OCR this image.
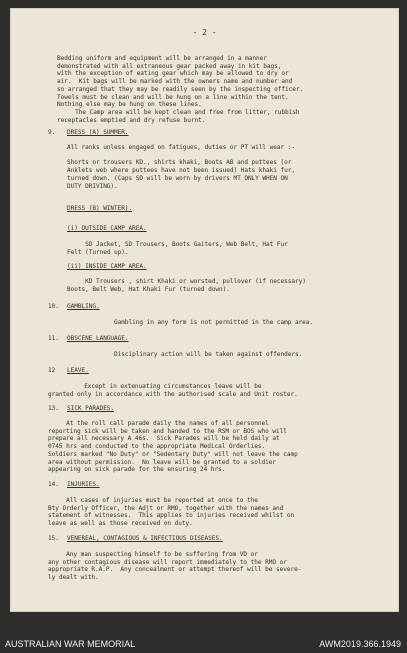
- 2 -
Bedding uniform and equipment will be arranged in a manner
demonstrated with all extraneous gear packed away in kit bags,
with the exception of eating gear which may be allowed to dry or
air.  Kit bags will be marked with the owners name and number and
so arranged that they may be readily seen by the inspecting officer.
Towels must be clean and will be hung on a line within the tent.
Nothing else may be hung on these lines.
The Camp area will be kept clean and free from litter, rubbish
receptacles emptied and dry refuse burnt.
9. DRESS (A) SUMMER.
All ranks unless engaged on fatigues, duties or PT will wear :-

Shorts or trousers KD., shirts khaki, Boots AB and puttees (or
Anklets web where puttees have not been issued) Hats khaki fur,
turned down. (Caps SD will be worn by drivers MT ONLY WHEN ON
DUTY DRIVING).
DRESS (B) WINTER).
(i) OUTSIDE CAMP AREA.
SD Jacket, SD Trousers, Boots Gaiters, Web Belt, Hat Fur
Felt (Turned up).
(ii) INSIDE CAMP AREA.
KD Trousers , shirt Khaki or worsted, pullover (if necessary)
Boots, Belt Web, Hat Khaki Fur (turned down).
10. GAMBLING.
Gambling in any form is not permitted in the camp area.
11. OBSCENE LANGUAGE.
Disciplinary action will be taken against offenders.
12 LEAVE.
Except in extenuating circumstances leave will be
granted only in accordance with the authorised scale and Unit roster.
13. SICK PARADES.
At the roll call parade daily the names of all personnel
reporting sick will be taken and handed to the RSM or BOS who will
prepare all necessary A 46s.  Sick Parades will be held daily at
0745 hrs and conducted to the appropriate Medical Orderlies.
Soldiers marked "No Duty" or "Sedentary Duty" will not leave the camp
area without permission.  No leave will be granted to a soldier
appearing on sick parade for the ensuring 24 hrs.
14. INJURIES.
All cases of injuries must be reported at once to the
Bty Orderly Officer, the Adjt or RMO, together with the names and
statement of witnesses.  This applies to injuries received whilst on
leave as well as those received on duty.
15. VENEREAL, CONTAGIOUS & INFECTIOUS DISEASES.
Any man suspecting himself to be suffering from VD or
any other contagious disease will report immediately to the RMO or
appropriate R.A.P.  Any concealment or attempt thereof will be severe-
ly dealt with.
AUSTRALIAN WAR MEMORIAL	AWM2019.366.1949
